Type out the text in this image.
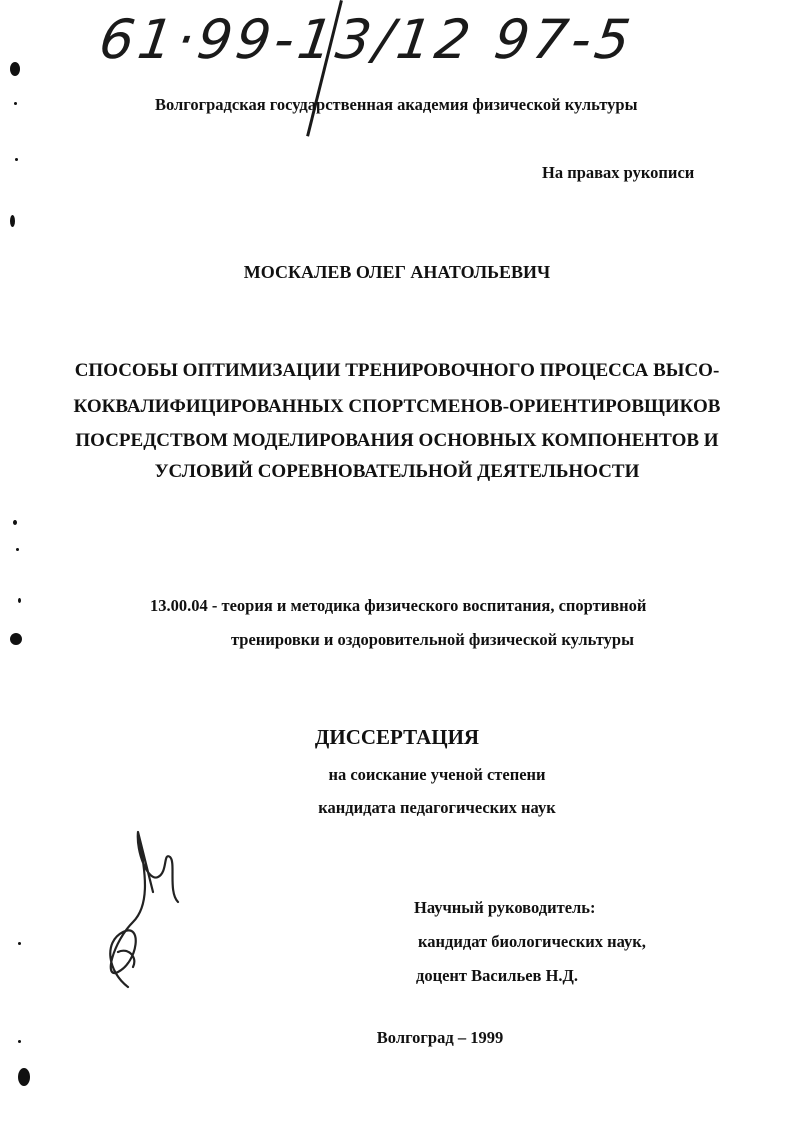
61·99-13/12 97-5
Волгоградская государственная академия физической культуры
На правах рукописи
МОСКАЛЕВ ОЛЕГ АНАТОЛЬЕВИЧ
СПОСОБЫ ОПТИМИЗАЦИИ ТРЕНИРОВОЧНОГО ПРОЦЕССА ВЫСО-
КОКВАЛИФИЦИРОВАННЫХ СПОРТСМЕНОВ-ОРИЕНТИРОВЩИКОВ
ПОСРЕДСТВОМ МОДЕЛИРОВАНИЯ ОСНОВНЫХ КОМПОНЕНТОВ И
УСЛОВИЙ СОРЕВНОВАТЕЛЬНОЙ ДЕЯТЕЛЬНОСТИ
13.00.04 - теория и методика физического воспитания, спортивной
тренировки и оздоровительной физической культуры
ДИССЕРТАЦИЯ
на соискание ученой степени
кандидата педагогических наук
Научный руководитель:
кандидат биологических наук,
доцент Васильев Н.Д.
Волгоград – 1999
